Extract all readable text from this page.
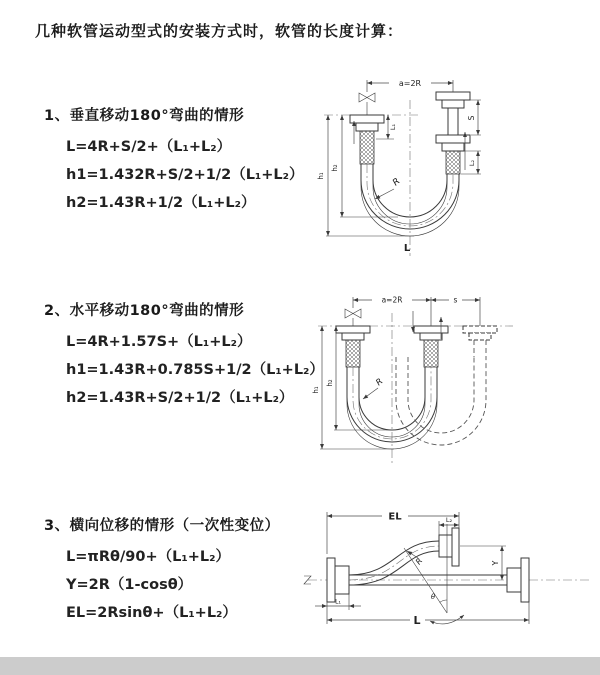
几种软管运动型式的安装方式时，软管的长度计算：
1、垂直移动180°弯曲的情形
L=4R+S/2+（L₁+L₂）
h1=1.432R+S/2+1/2（L₁+L₂）
h2=1.43R+1/2（L₁+L₂）
a=2R
h₁
h₂
L₁
S
L₂
R
L
2、水平移动180°弯曲的情形
L=4R+1.57S+（L₁+L₂）
h1=1.43R+0.785S+1/2（L₁+L₂）
h2=1.43R+S/2+1/2（L₁+L₂）
a=2R	s
h₁
h₂	R
3、横向位移的情形（一次性变位）
L=πRθ/90+（L₁+L₂）
Y=2R（1-cosθ）
EL=2Rsinθ+（L₁+L₂）
EL	L₂
Y
θ
R
L₁
L
